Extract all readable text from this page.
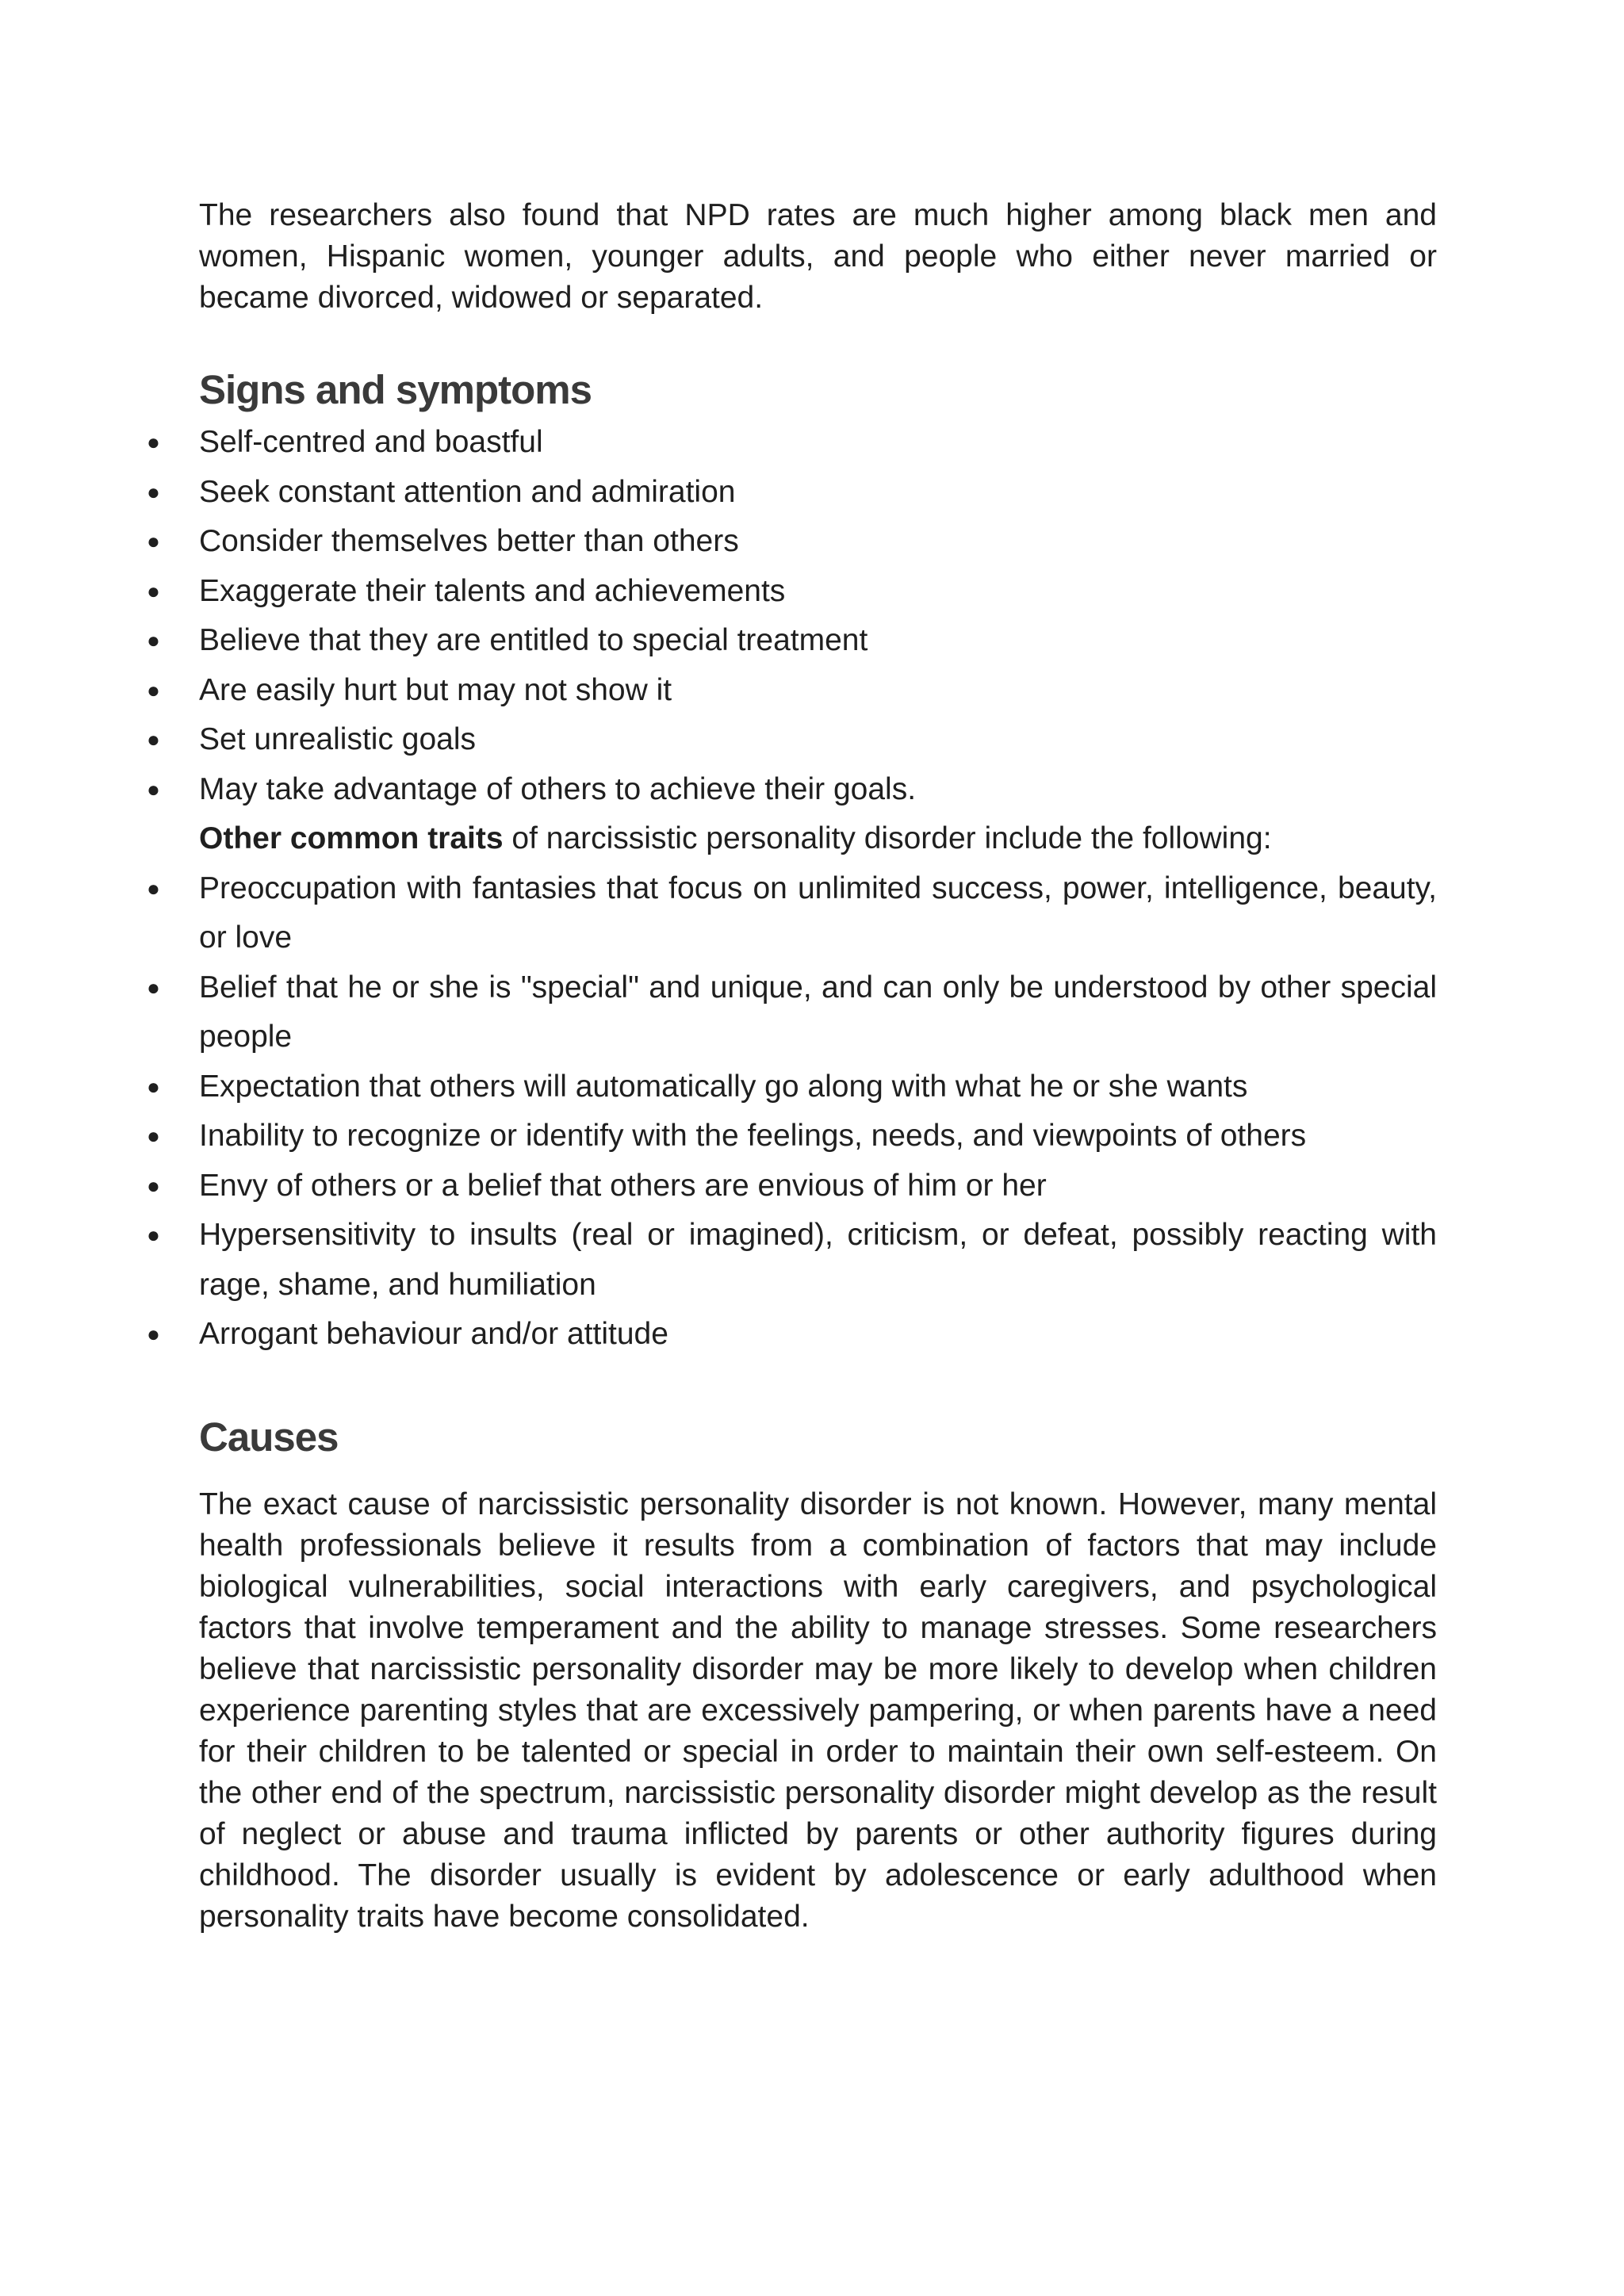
The researchers also found that NPD rates are much higher among black men and women, Hispanic women, younger adults, and people who either never married or became divorced, widowed or separated.

Signs and symptoms
● Self-centred and boastful
● Seek constant attention and admiration
● Consider themselves better than others
● Exaggerate their talents and achievements
● Believe that they are entitled to special treatment
● Are easily hurt but may not show it
● Set unrealistic goals
● May take advantage of others to achieve their goals.

Other common traits of narcissistic personality disorder include the following:

● Preoccupation with fantasies that focus on unlimited success, power, intelligence, beauty, or love
● Belief that he or she is "special" and unique, and can only be understood by other special people
● Expectation that others will automatically go along with what he or she wants
● Inability to recognize or identify with the feelings, needs, and viewpoints of others
● Envy of others or a belief that others are envious of him or her
● Hypersensitivity to insults (real or imagined), criticism, or defeat, possibly reacting with rage, shame, and humiliation
● Arrogant behaviour and/or attitude
Causes

The exact cause of narcissistic personality disorder is not known. However, many mental health professionals believe it results from a combination of factors that may include biological vulnerabilities, social interactions with early caregivers, and psychological factors that involve temperament and the ability to manage stresses. Some researchers believe that narcissistic personality disorder may be more likely to develop when children experience parenting styles that are excessively pampering, or when parents have a need for their children to be talented or special in order to maintain their own self-esteem. On the other end of the spectrum, narcissistic personality disorder might develop as the result of neglect or abuse and trauma inflicted by parents or other authority figures during childhood. The disorder usually is evident by adolescence or early adulthood when personality traits have become consolidated.
